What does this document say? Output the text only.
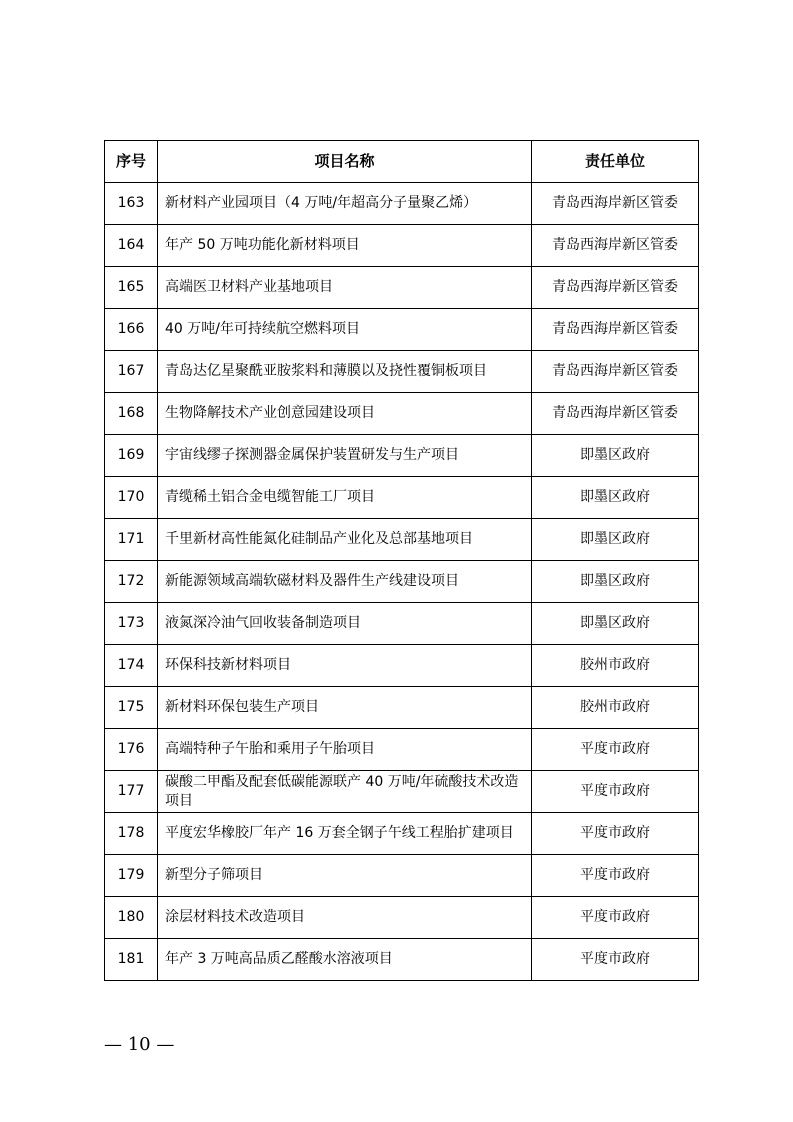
序号	项目名称	责任单位
163	新材料产业园项目（4 万吨/年超高分子量聚乙烯）	青岛西海岸新区管委
164	年产 50 万吨功能化新材料项目	青岛西海岸新区管委
165	高端医卫材料产业基地项目	青岛西海岸新区管委
166	40 万吨/年可持续航空燃料项目	青岛西海岸新区管委
167	青岛达亿星聚酰亚胺浆料和薄膜以及挠性覆铜板项目	青岛西海岸新区管委
168	生物降解技术产业创意园建设项目	青岛西海岸新区管委
169	宇宙线缪子探测器金属保护装置研发与生产项目	即墨区政府
170	青缆稀土铝合金电缆智能工厂项目	即墨区政府
171	千里新材高性能氮化硅制品产业化及总部基地项目	即墨区政府
172	新能源领域高端软磁材料及器件生产线建设项目	即墨区政府
173	液氮深冷油气回收装备制造项目	即墨区政府
174	环保科技新材料项目	胶州市政府
175	新材料环保包装生产项目	胶州市政府
176	高端特种子午胎和乘用子午胎项目	平度市政府
177	碳酸二甲酯及配套低碳能源联产 40 万吨/年硫酸技术改造项目	平度市政府
178	平度宏华橡胶厂年产 16 万套全钢子午线工程胎扩建项目	平度市政府
179	新型分子筛项目	平度市政府
180	涂层材料技术改造项目	平度市政府
181	年产 3 万吨高品质乙醛酸水溶液项目	平度市政府
— 10 —
